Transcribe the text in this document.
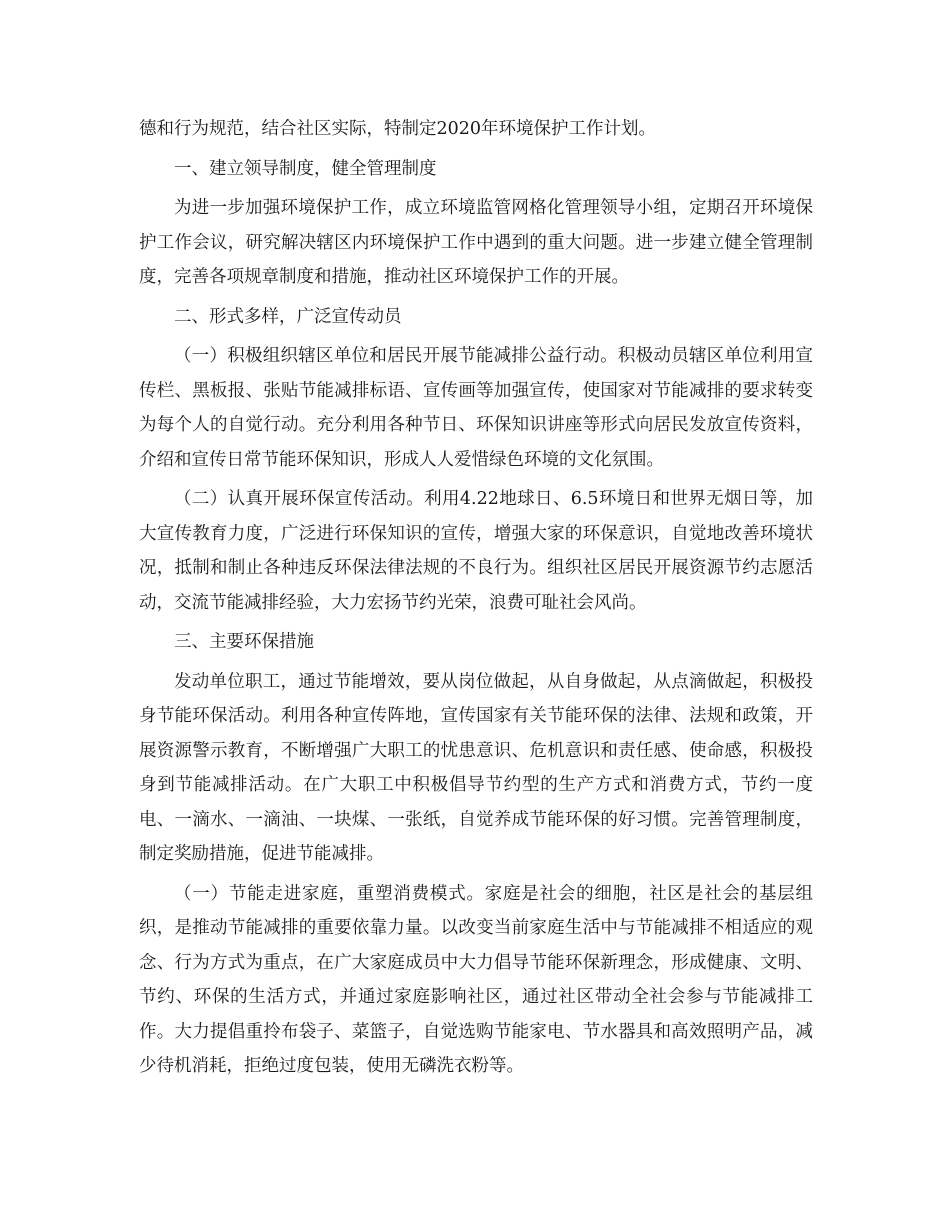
德和行为规范，结合社区实际，特制定2020年环境保护工作计划。

一、建立领导制度，健全管理制度

为进一步加强环境保护工作，成立环境监管网格化管理领导小组，定期召开环境保护工作会议，研究解决辖区内环境保护工作中遇到的重大问题。进一步建立健全管理制度，完善各项规章制度和措施，推动社区环境保护工作的开展。

二、形式多样，广泛宣传动员

（一）积极组织辖区单位和居民开展节能减排公益行动。积极动员辖区单位利用宣传栏、黑板报、张贴节能减排标语、宣传画等加强宣传，使国家对节能减排的要求转变为每个人的自觉行动。充分利用各种节日、环保知识讲座等形式向居民发放宣传资料，介绍和宣传日常节能环保知识，形成人人爱惜绿色环境的文化氛围。

（二）认真开展环保宣传活动。利用4.22地球日、6.5环境日和世界无烟日等，加大宣传教育力度，广泛进行环保知识的宣传，增强大家的环保意识，自觉地改善环境状况，抵制和制止各种违反环保法律法规的不良行为。组织社区居民开展资源节约志愿活动，交流节能减排经验，大力宏扬节约光荣，浪费可耻社会风尚。

三、主要环保措施

发动单位职工，通过节能增效，要从岗位做起，从自身做起，从点滴做起，积极投身节能环保活动。利用各种宣传阵地，宣传国家有关节能环保的法律、法规和政策，开展资源警示教育，不断增强广大职工的忧患意识、危机意识和责任感、使命感，积极投身到节能减排活动。在广大职工中积极倡导节约型的生产方式和消费方式，节约一度电、一滴水、一滴油、一块煤、一张纸，自觉养成节能环保的好习惯。完善管理制度，制定奖励措施，促进节能减排。

（一）节能走进家庭，重塑消费模式。家庭是社会的细胞，社区是社会的基层组织，是推动节能减排的重要依靠力量。以改变当前家庭生活中与节能减排不相适应的观念、行为方式为重点，在广大家庭成员中大力倡导节能环保新理念，形成健康、文明、节约、环保的生活方式，并通过家庭影响社区，通过社区带动全社会参与节能减排工作。大力提倡重拎布袋子、菜篮子，自觉选购节能家电、节水器具和高效照明产品，减少待机消耗，拒绝过度包装，使用无磷洗衣粉等。
